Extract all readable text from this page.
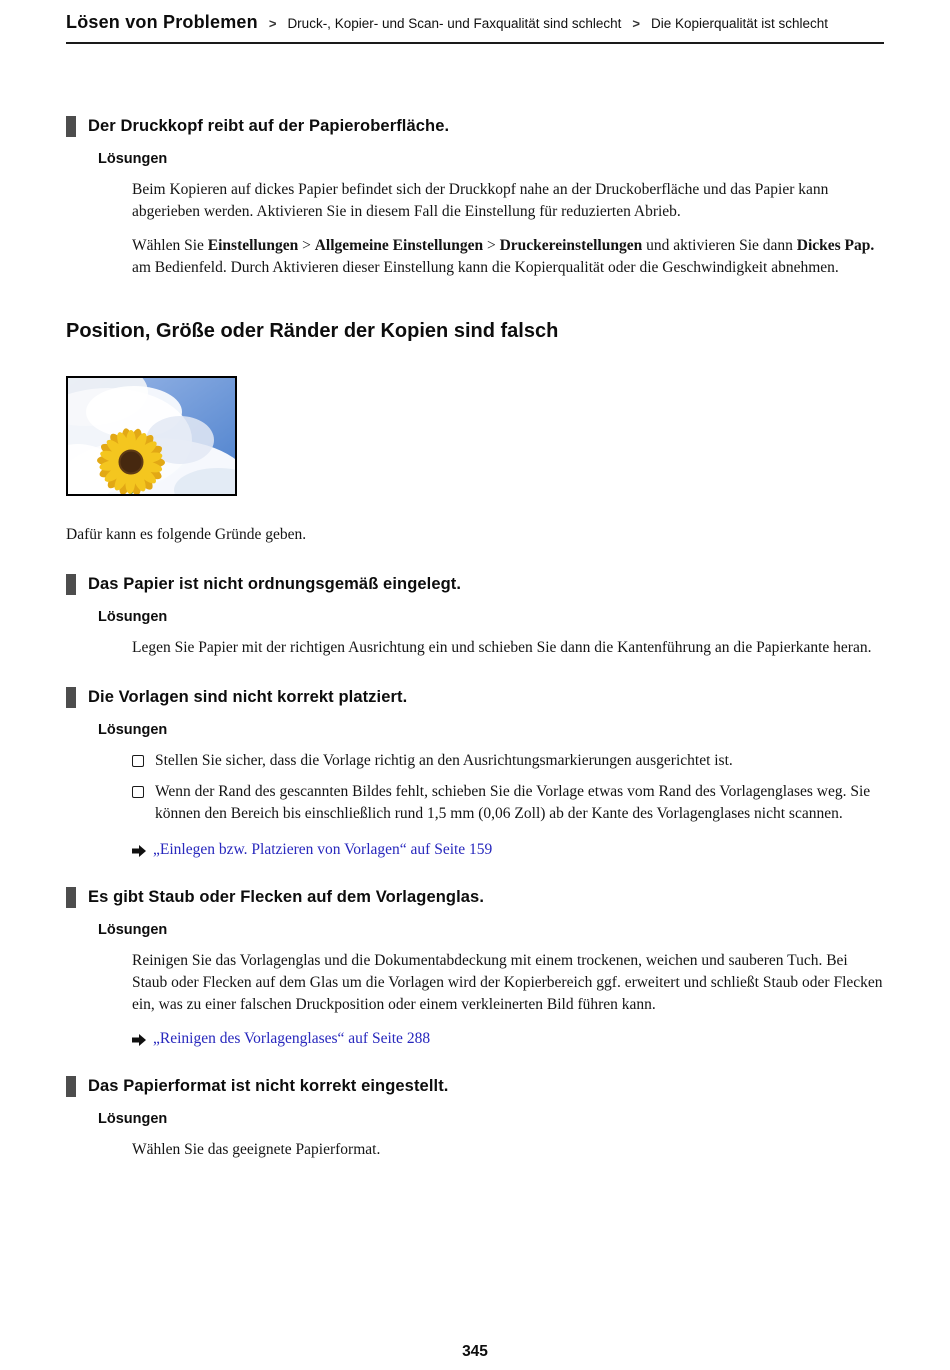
Lösen von Problemen > Druck-, Kopier- und Scan- und Faxqualität sind schlecht > Die Kopierqualität ist schlecht
Der Druckkopf reibt auf der Papieroberfläche.
Lösungen

Beim Kopieren auf dickes Papier befindet sich der Druckkopf nahe an der Druckoberfläche und das Papier kann abgerieben werden. Aktivieren Sie in diesem Fall die Einstellung für reduzierten Abrieb.

Wählen Sie Einstellungen > Allgemeine Einstellungen > Druckereinstellungen und aktivieren Sie dann Dickes Pap. am Bedienfeld. Durch Aktivieren dieser Einstellung kann die Kopierqualität oder die Geschwindigkeit abnehmen.

Position, Größe oder Ränder der Kopien sind falsch

Dafür kann es folgende Gründe geben.

Das Papier ist nicht ordnungsgemäß eingelegt.
Lösungen

Legen Sie Papier mit der richtigen Ausrichtung ein und schieben Sie dann die Kantenführung an die Papierkante heran.

Die Vorlagen sind nicht korrekt platziert.
Lösungen
Stellen Sie sicher, dass die Vorlage richtig an den Ausrichtungsmarkierungen ausgerichtet ist.
Wenn der Rand des gescannten Bildes fehlt, schieben Sie die Vorlage etwas vom Rand des Vorlagenglases weg. Sie können den Bereich bis einschließlich rund 1,5 mm (0,06 Zoll) ab der Kante des Vorlagenglases nicht scannen.
„Einlegen bzw. Platzieren von Vorlagen“ auf Seite 159
Es gibt Staub oder Flecken auf dem Vorlagenglas.
Lösungen

Reinigen Sie das Vorlagenglas und die Dokumentabdeckung mit einem trockenen, weichen und sauberen Tuch. Bei Staub oder Flecken auf dem Glas um die Vorlagen wird der Kopierbereich ggf. erweitert und schließt Staub oder Flecken ein, was zu einer falschen Druckposition oder einem verkleinerten Bild führen kann.

„Reinigen des Vorlagenglases“ auf Seite 288
Das Papierformat ist nicht korrekt eingestellt.
Lösungen

Wählen Sie das geeignete Papierformat.

345
